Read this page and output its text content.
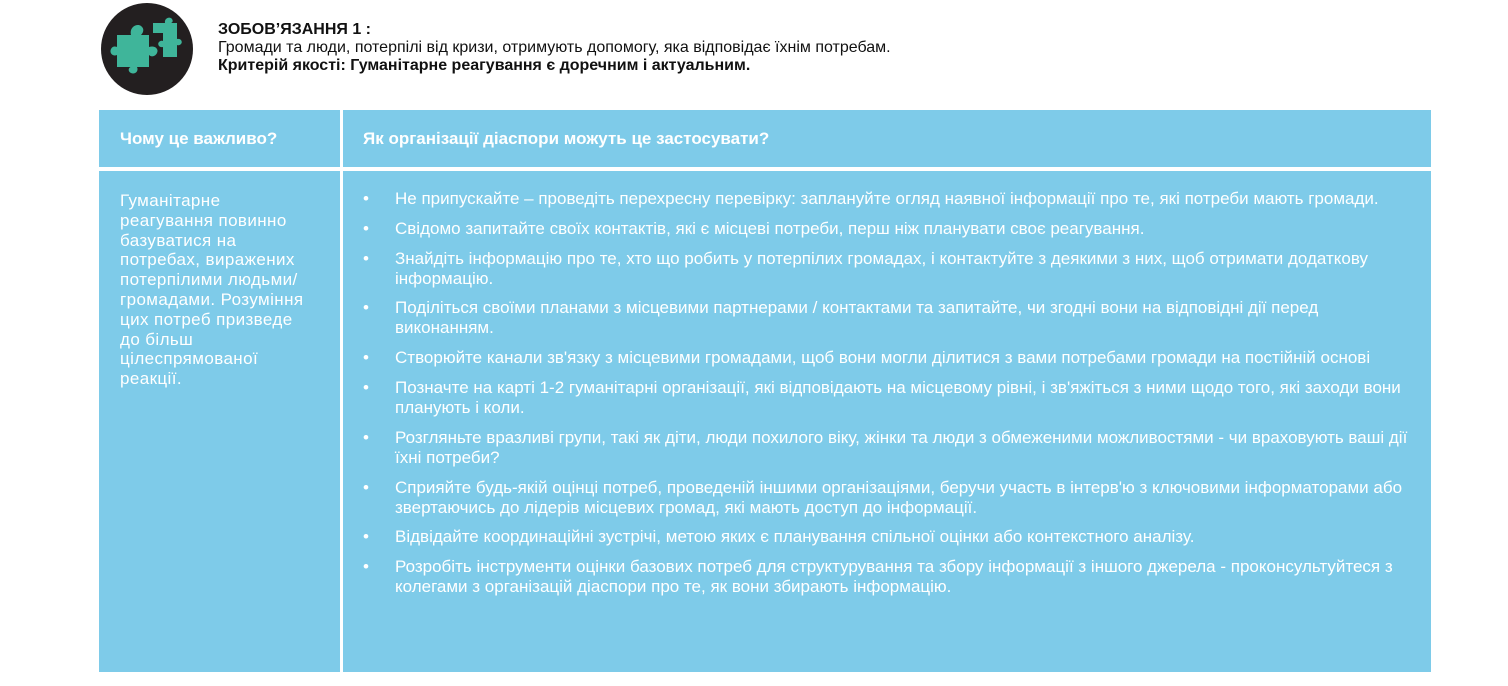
ЗОБОВ’ЯЗАННЯ 1 :
Громади та люди, потерпілі від кризи, отримують допомогу, яка відповідає їхнім потребам.
Критерій якості: Гуманітарне реагування є доречним і актуальним.
Чому це важливо?	Як організації діаспори можуть це застосувати?
Гуманітарне реагування повинно базуватися на потребах, виражених потерпілими людьми/ громадами. Розуміння цих потреб призведе до більш цілеспрямованої реакції.
• Не припускайте – проведіть перехресну перевірку: заплануйте огляд наявної інформації про те, які потреби мають громади.
• Свідомо запитайте своїх контактів, які є місцеві потреби, перш ніж планувати своє реагування.
• Знайдіть інформацію про те, хто що робить у потерпілих громадах, і контактуйте з деякими з них, щоб отримати додаткову інформацію.
• Поділіться своїми планами з місцевими партнерами / контактами та запитайте, чи згодні вони на відповідні дії перед виконанням.
• Створюйте канали зв'язку з місцевими громадами, щоб вони могли ділитися з вами потребами громади на постійній основі
• Позначте на карті 1-2 гуманітарні організації, які відповідають на місцевому рівні, і зв'яжіться з ними щодо того, які заходи вони планують і коли.
• Розгляньте вразливі групи, такі як діти, люди похилого віку, жінки та люди з обмеженими можливостями - чи враховують ваші дії їхні потреби?
• Сприяйте будь-якій оцінці потреб, проведеній іншими організаціями, беручи участь в інтерв'ю з ключовими інформаторами або звертаючись до лідерів місцевих громад, які мають доступ до інформації.
• Відвідайте координаційні зустрічі, метою яких є планування спільної оцінки або контекстного аналізу.
• Розробіть інструменти оцінки базових потреб для структурування та збору інформації з іншого джерела - проконсультуйтеся з колегами з організацій діаспори про те, як вони збирають інформацію.
